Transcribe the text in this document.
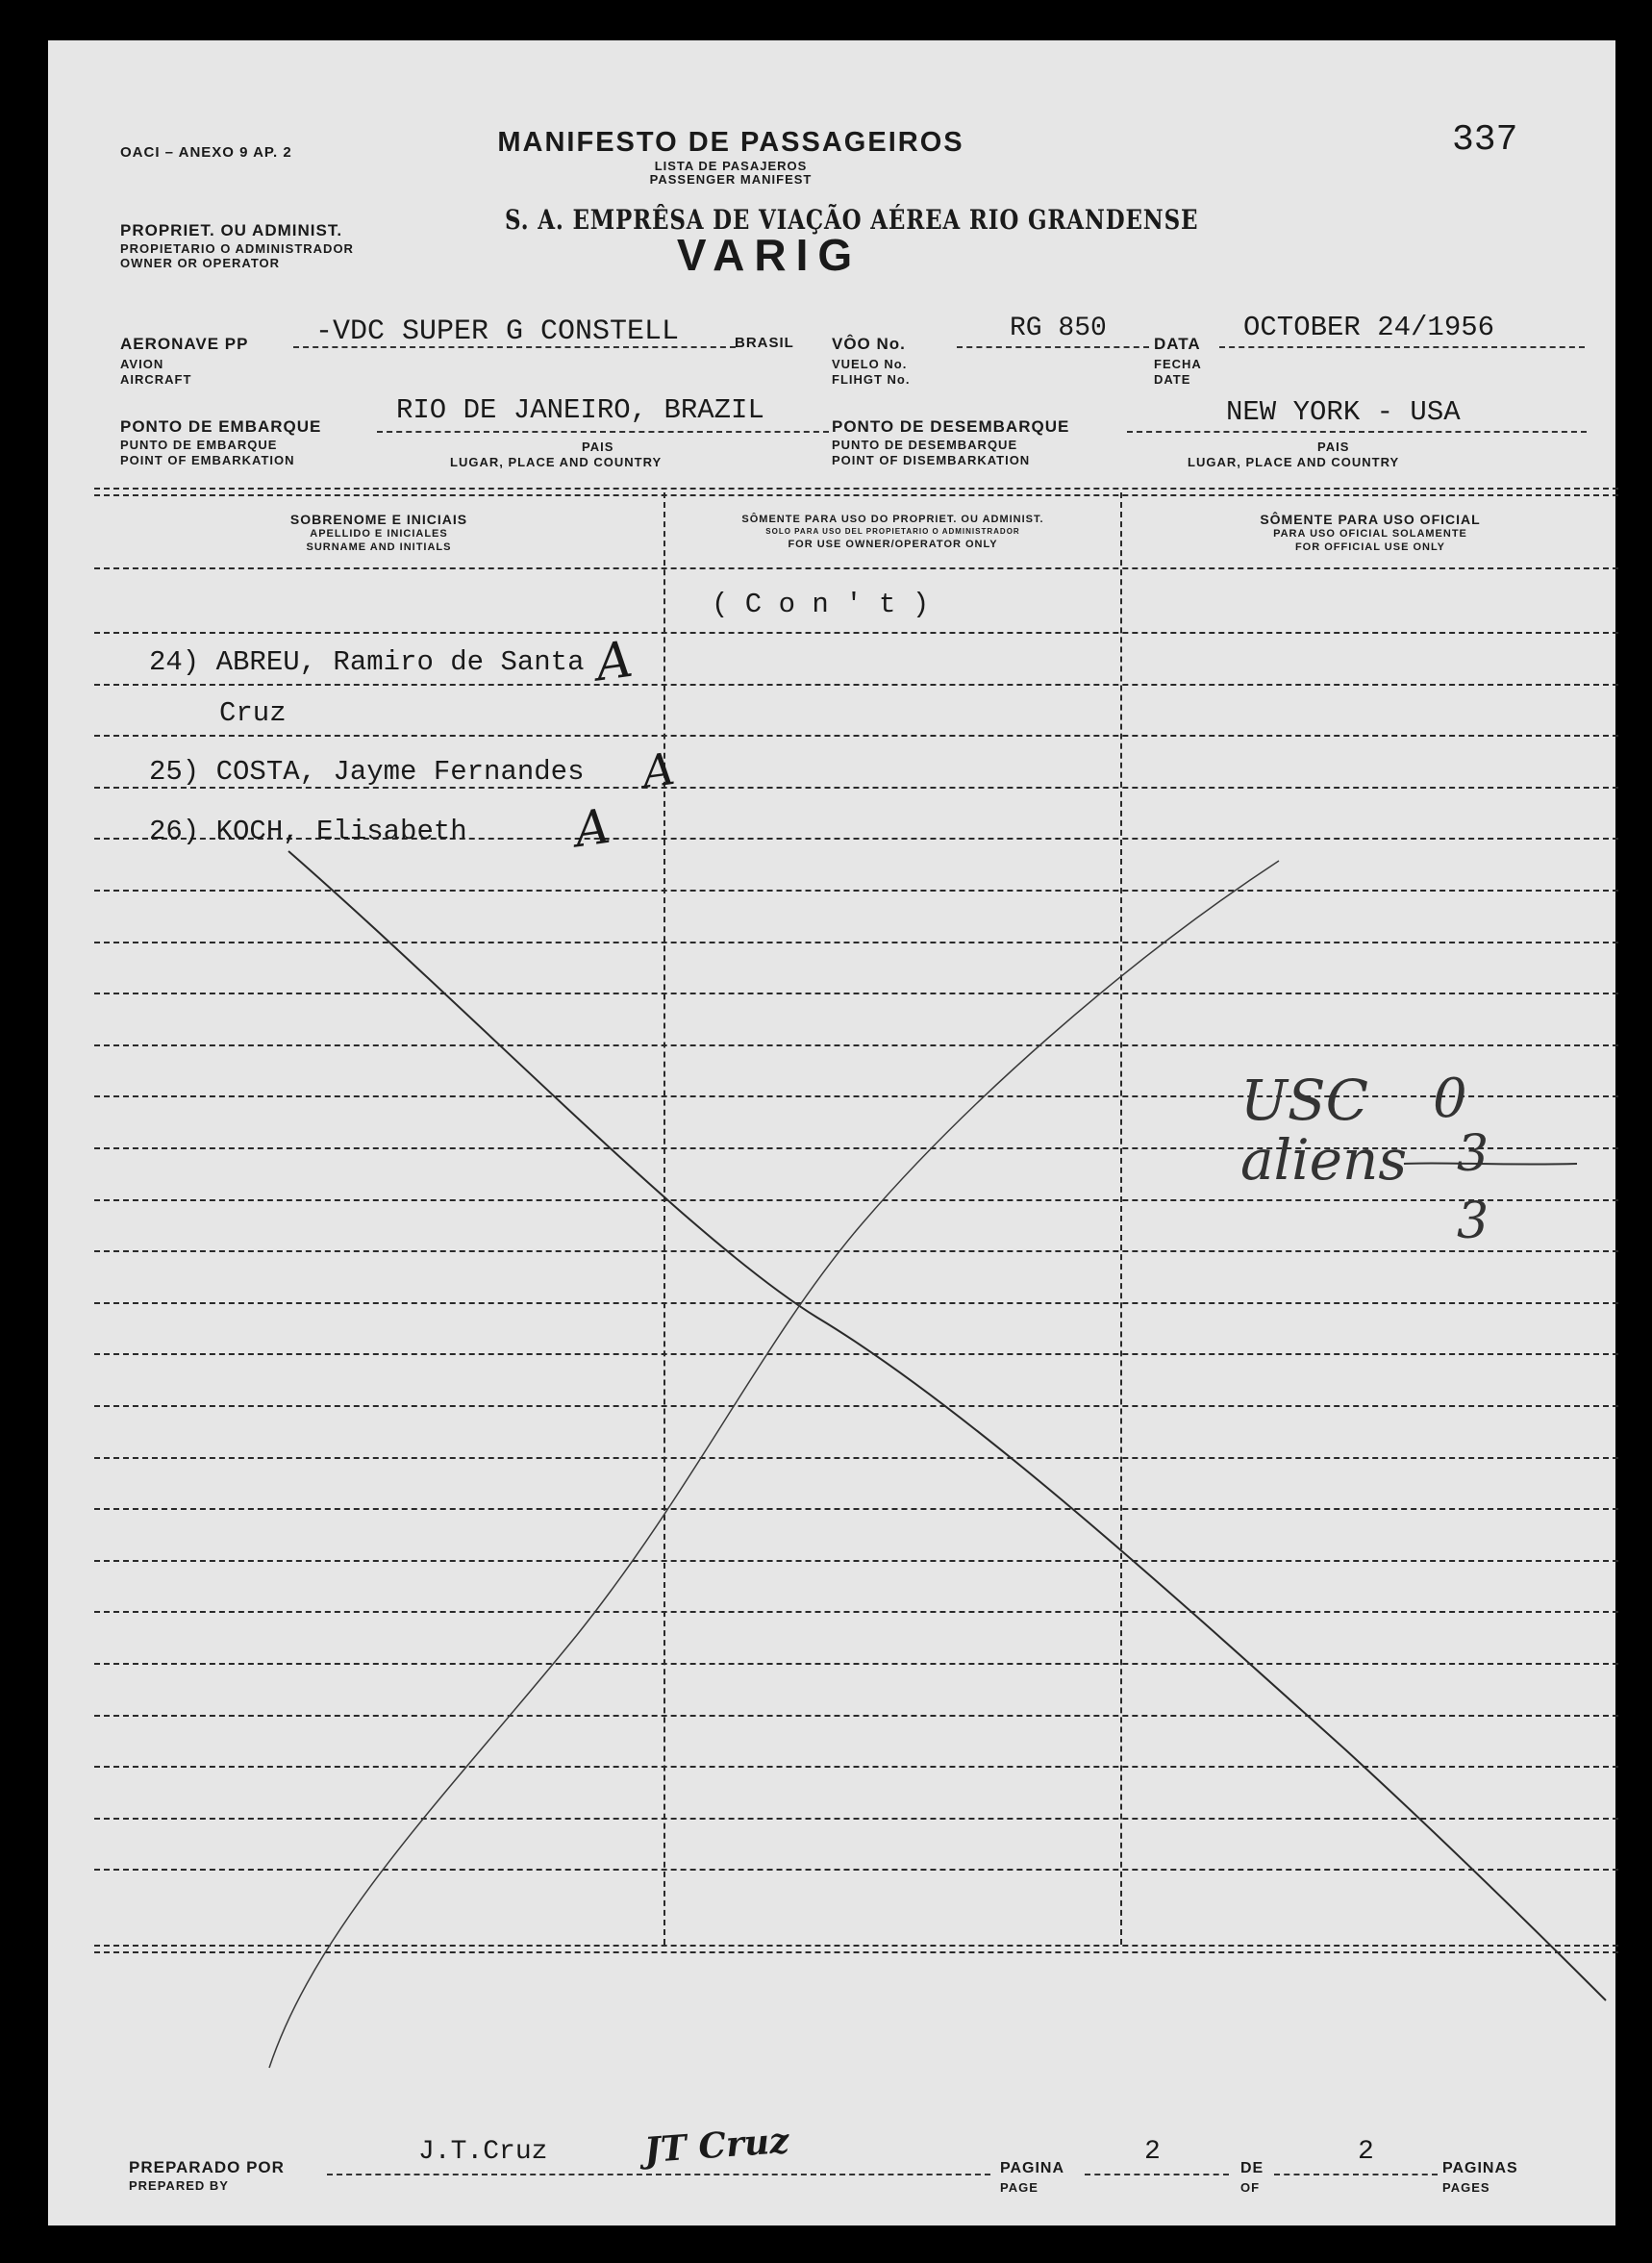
OACI – ANEXO 9 AP. 2	337
MANIFESTO DE PASSAGEIROS
LISTA DE PASAJEROS
PASSENGER MANIFEST
PROPRIET. OU ADMINIST.
PROPIETARIO O ADMINISTRADOR
OWNER OR OPERATOR
S. A. EMPRÊSA DE VIAÇÃO AÉREA RIO GRANDENSE
VARIG
AERONAVE PP
AVION
AIRCRAFT
-VDC SUPER G CONSTELL	BRASIL VÔO No.
VUELO No.
FLIHGT No.
RG 850
DATA
FECHA
DATE
OCTOBER 24/1956
PONTO DE EMBARQUE
PUNTO DE EMBARQUE
POINT OF EMBARKATION
RIO DE JANEIRO, BRAZIL
PAIS
LUGAR, PLACE AND COUNTRY
PONTO DE DESEMBARQUE
PUNTO DE DESEMBARQUE
POINT OF DISEMBARKATION
NEW YORK - USA
PAIS
LUGAR, PLACE AND COUNTRY
SOBRENOME E INICIAIS
APELLIDO E INICIALES
SURNAME AND INITIALS
SÔMENTE PARA USO DO PROPRIET. OU ADMINIST.
SOLO PARA USO DEL PROPIETARIO O ADMINISTRADOR
FOR USE OWNER/OPERATOR ONLY
SÔMENTE PARA USO OFICIAL
PARA USO OFICIAL SOLAMENTE
FOR OFFICIAL USE ONLY
( C o n ' t )
24) ABREU, Ramiro de Santa
Cruz
25) COSTA, Jayme Fernandes
26) KOCH, Elisabeth
A
A
A
USC 0
aliens 3
3
PREPARADO POR
PREPARED BY
J.T.Cruz	JT Cruz	PAGINA
PAGE
2
DE
OF
2
PAGINAS
PAGES
